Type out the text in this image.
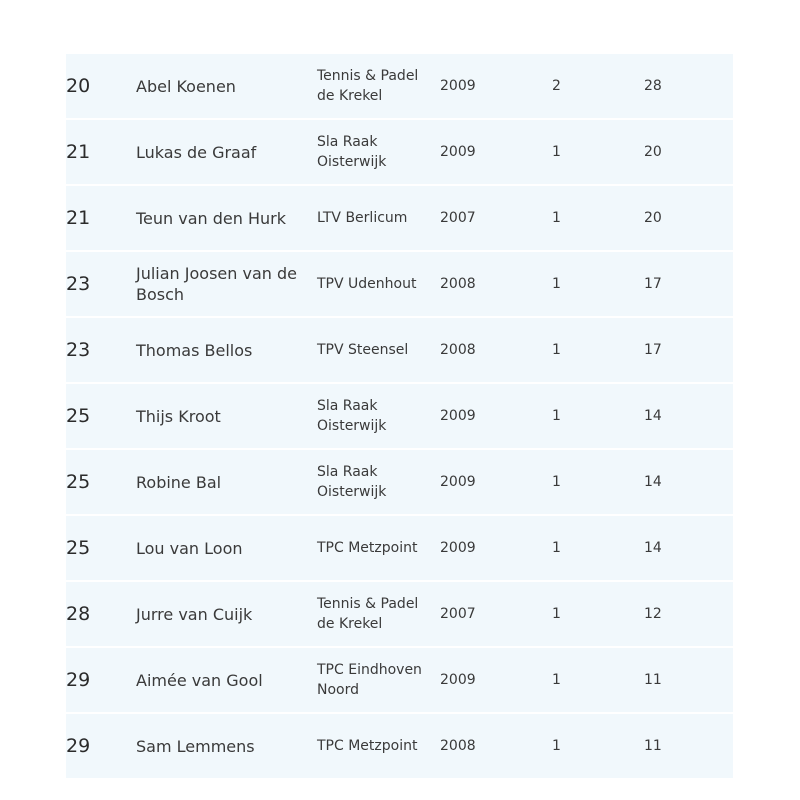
20	Abel Koenen	Tennis & Padel de Krekel	2009	2	28
21	Lukas de Graaf	Sla Raak Oisterwijk	2009	1	20
21	Teun van den Hurk	LTV Berlicum	2007	1	20
23	Julian Joosen van de Bosch	TPV Udenhout	2008	1	17
23	Thomas Bellos	TPV Steensel	2008	1	17
25	Thijs Kroot	Sla Raak Oisterwijk	2009	1	14
25	Robine Bal	Sla Raak Oisterwijk	2009	1	14
25	Lou van Loon	TPC Metzpoint	2009	1	14
28	Jurre van Cuijk	Tennis & Padel de Krekel	2007	1	12
29	Aimée van Gool	TPC Eindhoven Noord	2009	1	11
29	Sam Lemmens	TPC Metzpoint	2008	1	11
